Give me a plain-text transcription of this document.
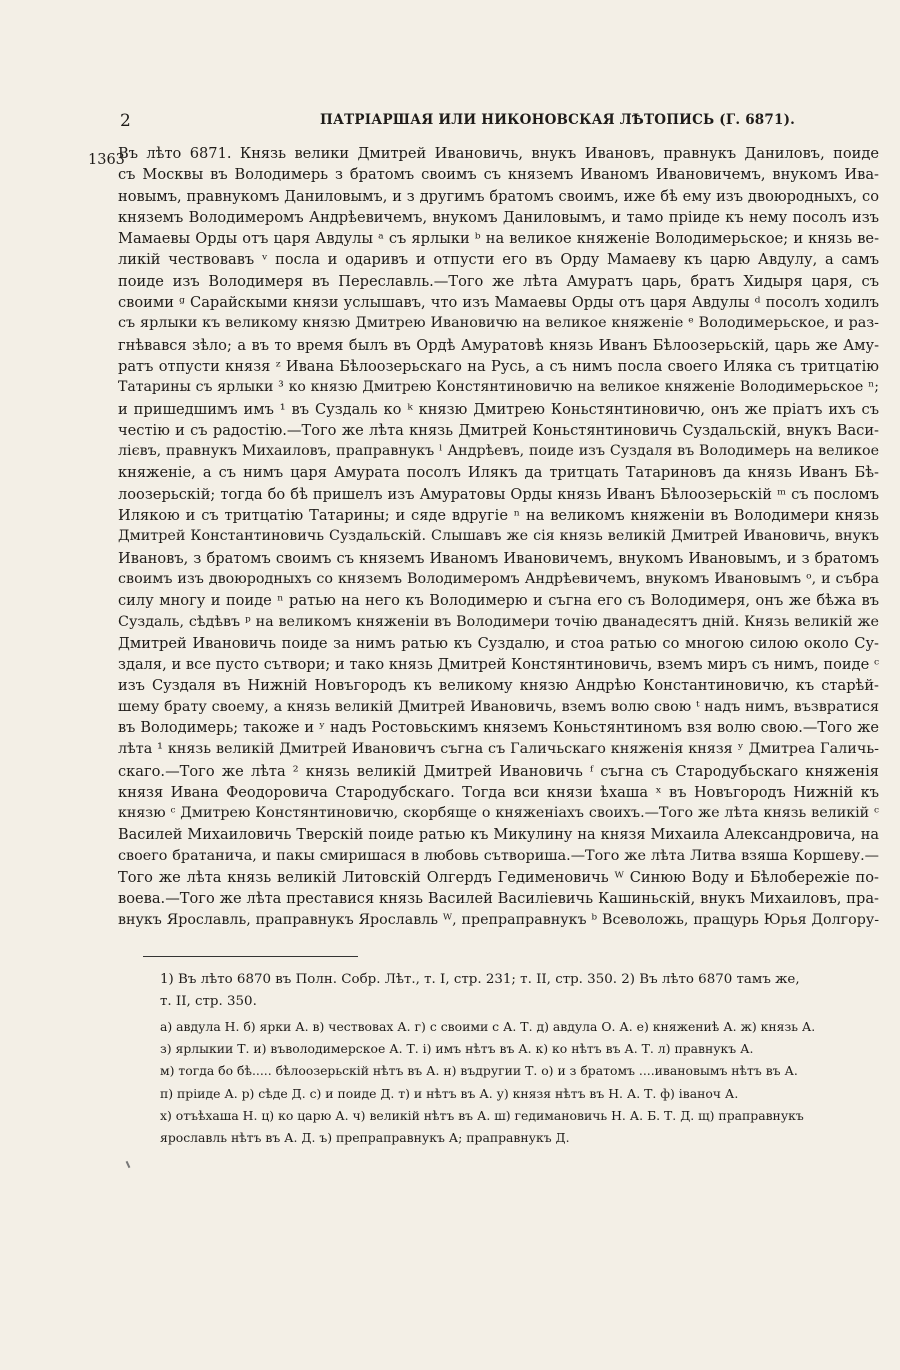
2	ПАТРІАРШАЯ ИЛИ НИКОНОВСКАЯ ЛѢТОПИСЬ (Г. 6871).
1363
Въ лѣто 6871. Князь велики Дмитрей Ивановичь, внукъ Ивановъ, правнукъ Даниловъ, поиде
съ Москвы въ Володимерь з братомъ своимъ съ княземъ Иваномъ Ивановичемъ, внукомъ Ива-
новымъ, правнукомъ Даниловымъ, и з другимъ братомъ своимъ, иже бѣ ему изъ двоюродныхъ, со
княземъ Володимеромъ Андрѣевичемъ, внукомъ Даниловымъ, и тамо пріиде къ нему посолъ изъ
Мамаевы Орды отъ царя Авдулы ᵃ съ ярлыки ᵇ на великое княженіе Володимерьское; и князь ве-
ликій чествовавъ ᵛ посла и одаривъ и отпусти его въ Орду Мамаеву къ царю Авдулу, а самъ
поиде изъ Володимеря въ Переславль.—Того же лѣта Амуратъ царь, братъ Хидыря царя, съ
своими ᵍ Сарайскыми князи услышавъ, что изъ Мамаевы Орды отъ царя Авдулы ᵈ посолъ ходилъ
съ ярлыки къ великому князю Дмитрею Ивановичю на великое княженіе ᵉ Володимерьское, и раз-
гнѣвався зѣло; а въ то время былъ въ Ордѣ Амуратовѣ князь Иванъ Бѣлоозерьскій, царь же Аму-
ратъ отпусти князя ᶻ Ивана Бѣлоозерьскаго на Русь, а съ нимъ посла своего Иляка съ тритцатію
Татарины съ ярлыки ³ ко князю Дмитрею Констянтиновичю на великое княженіе Володимерьское ⁿ;
и пришедшимъ имъ ¹ въ Суздаль ко ᵏ князю Дмитрею Коньстянтиновичю, онъ же пріатъ ихъ съ
честію и съ радостію.—Того же лѣта князь Дмитрей Коньстянтиновичь Суздальскій, внукъ Васи-
лієвъ, правнукъ Михаиловъ, праправнукъ ˡ Андрѣевъ, поиде изъ Суздаля въ Володимерь на великое
княженіе, а съ нимъ царя Амурата посолъ Илякъ да тритцать Татариновъ да князь Иванъ Бѣ-
лоозерьскій; тогда бо бѣ пришелъ изъ Амуратовы Орды князь Иванъ Бѣлоозерьскій ᵐ съ посломъ
Илякою и съ тритцатію Татарины; и сяде вдругіе ⁿ на великомъ княженіи въ Володимери князь
Дмитрей Константиновичь Суздальскій. Слышавъ же сія князь великій Дмитрей Ивановичь, внукъ
Ивановъ, з братомъ своимъ съ княземъ Иваномъ Ивановичемъ, внукомъ Ивановымъ, и з братомъ
своимъ изъ двоюродныхъ со княземъ Володимеромъ Андрѣевичемъ, внукомъ Ивановымъ ᵒ, и събра
силу многу и поиде ⁿ ратью на него къ Володимерю и съгна его съ Володимеря, онъ же бѣжа въ
Суздаль, сѣдѣвъ ᵖ на великомъ княженіи въ Володимери точію дванадесятъ дній. Князь великій же
Дмитрей Ивановичь поиде за нимъ ратью къ Суздалю, и стоа ратью со многою силою около Су-
здаля, и все пусто сътвори; и тако князь Дмитрей Констянтиновичь, вземъ миръ съ нимъ, поиде ᶜ
изъ Суздаля въ Нижній Новъгородъ къ великому князю Андрѣю Константиновичю, къ старѣй-
шему брату своему, а князь великій Дмитрей Ивановичь, вземъ волю свою ᵗ надъ нимъ, възвратися
въ Володимерь; такоже и ʸ надъ Ростовьскимъ княземъ Коньстянтиномъ взя волю свою.—Того же
лѣта ¹ князь великій Дмитрей Ивановичъ съгна съ Галичьскаго княженія князя ʸ Дмитреа Галичь-
скаго.—Того же лѣта ² князь великій Дмитрей Ивановичь ᶠ съгна съ Стародубьскаго княженія
князя Ивана Феодоровича Стародубскаго. Тогда вси князи ѣхаша ˣ въ Новъгородъ Нижній къ
князю ᶜ Дмитрею Констянтиновичю, скорбяще о княженіахъ своихъ.—Того же лѣта князь великій ᶜ
Василей Михаиловичь Тверскій поиде ратью къ Микулину на князя Михаила Александровича, на
своего братанича, и пакы смиришася в любовь сътвориша.—Того же лѣта Литва взяша Коршеву.—
Того же лѣта князь великій Литовскій Олгердъ Гедименовичь ᵂ Синюю Воду и Бѣлобережіе по-
воева.—Того же лѣта преставися князь Василей Василіевичь Кашиньскій, внукъ Михаиловъ, пра-
внукъ Ярославль, праправнукъ Ярославль ᵂ, препраправнукъ ᵇ Всеволожь, пращурь Юрья Долгору-
1) Въ лѣто 6870 въ Полн. Собр. Лѣт., т. I, стр. 231; т. II, стр. 350. 2) Въ лѣто 6870 тамъ же,
т. II, стр. 350.
а) авдула Н. б) ярки А. в) чествовах А. г) с своими с А. Т. д) авдула О. А. е) княжениѣ А. ж) князь А.
з) ярлыкии Т. и) въволодимерское А. Т. і) имъ нѣтъ въ А. к) ко нѣтъ въ А. Т. л) правнукъ А.
м) тогда бо бѣ..... бѣлоозерьскій нѣтъ въ А. н) въдругии Т. о) и з братомъ ....ивановымъ нѣтъ въ А.
п) пріиде А. р) сѣде Д. с) и поиде Д. т) и нѣтъ въ А. у) князя нѣтъ въ Н. А. Т. ф) іваноч А.
х) отъѣхаша Н. ц) ко царю А. ч) великій нѣтъ въ А. ш) гедимановичь Н. А. Б. Т. Д. щ) праправнукъ
ярославль нѣтъ въ А. Д. ъ) препраправнукъ А; праправнукъ Д.
